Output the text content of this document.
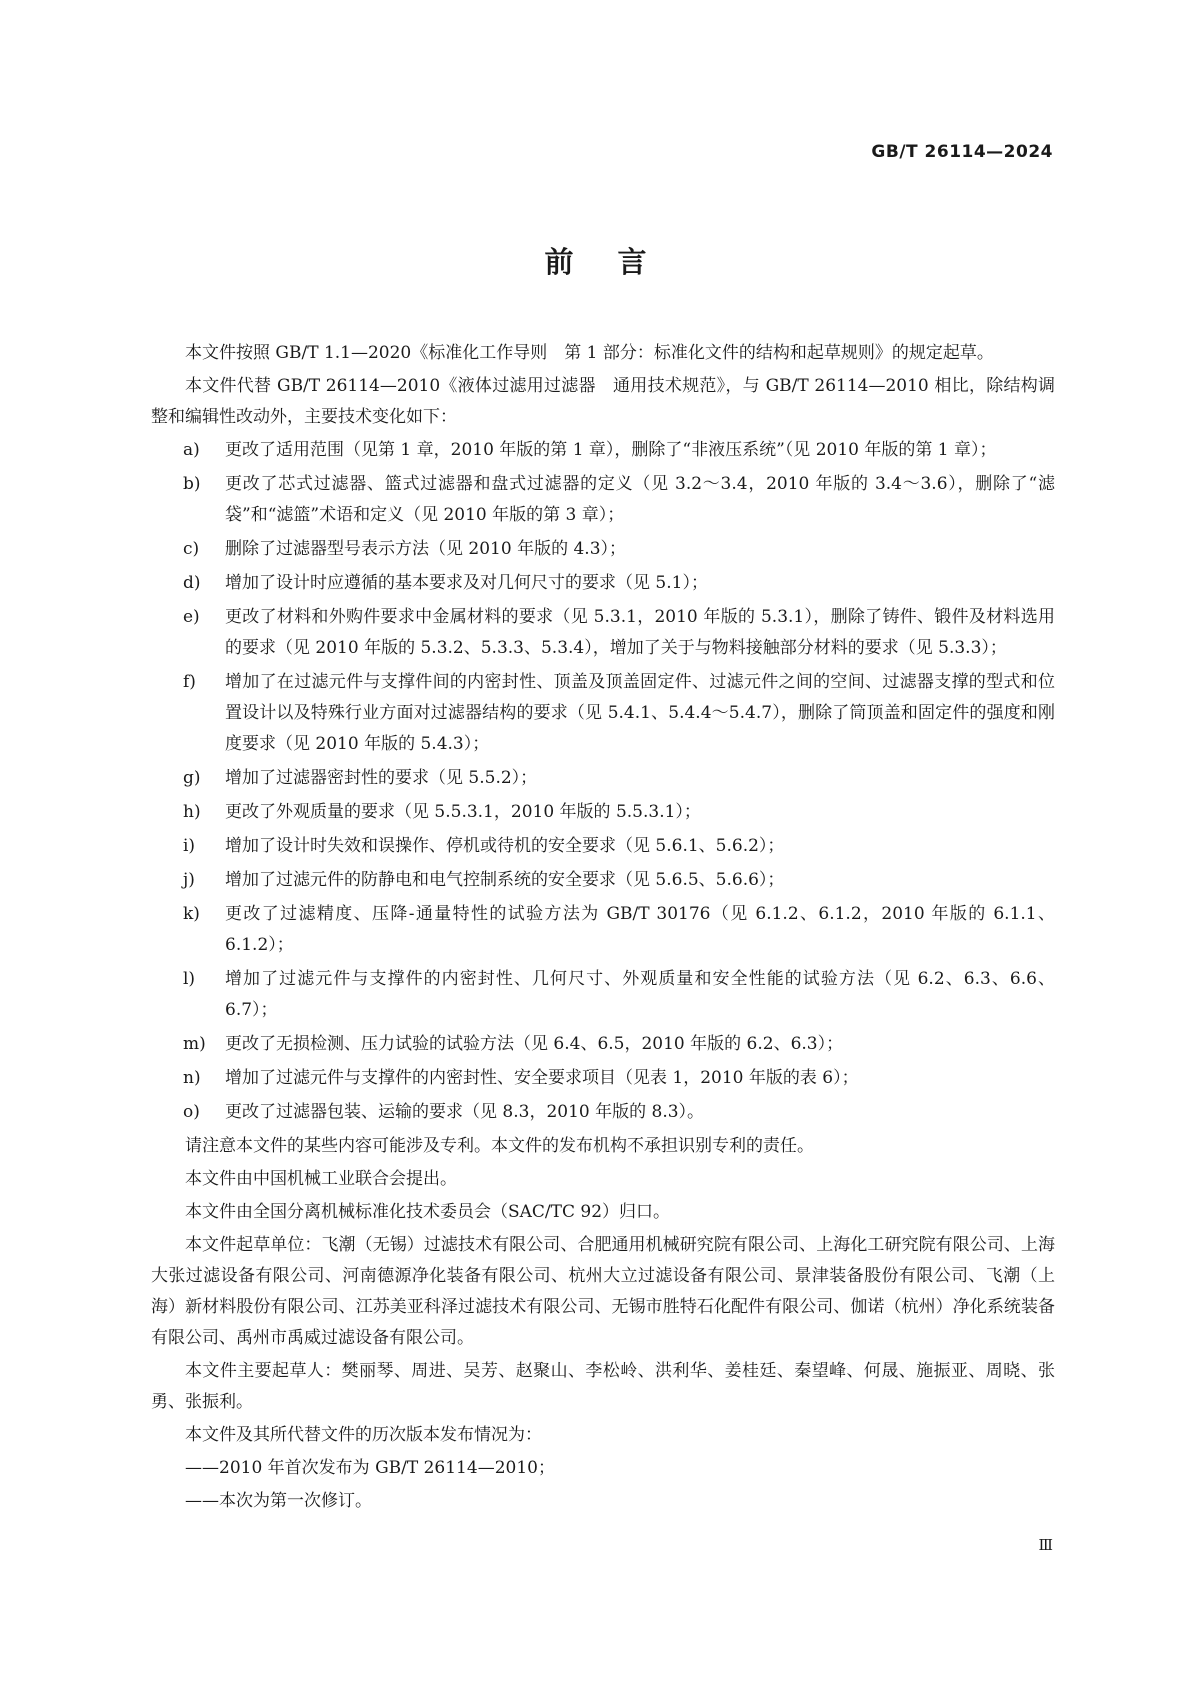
GB/T 26114—2024
前言

本文件按照 GB/T 1.1—2020《标准化工作导则　第 1 部分：标准化文件的结构和起草规则》的规定起草。

本文件代替 GB/T 26114—2010《液体过滤用过滤器　通用技术规范》，与 GB/T 26114—2010 相比，除结构调整和编辑性改动外，主要技术变化如下：

a)	更改了适用范围（见第 1 章，2010 年版的第 1 章），删除了“非液压系统”（见 2010 年版的第 1 章）；
b)	更改了芯式过滤器、篮式过滤器和盘式过滤器的定义（见 3.2～3.4，2010 年版的 3.4～3.6），删除了“滤袋”和“滤篮”术语和定义（见 2010 年版的第 3 章）；
c)	删除了过滤器型号表示方法（见 2010 年版的 4.3）；
d)	增加了设计时应遵循的基本要求及对几何尺寸的要求（见 5.1）；
e)	更改了材料和外购件要求中金属材料的要求（见 5.3.1，2010 年版的 5.3.1），删除了铸件、锻件及材料选用的要求（见 2010 年版的 5.3.2、5.3.3、5.3.4），增加了关于与物料接触部分材料的要求（见 5.3.3）；
f)	增加了在过滤元件与支撑件间的内密封性、顶盖及顶盖固定件、过滤元件之间的空间、过滤器支撑的型式和位置设计以及特殊行业方面对过滤器结构的要求（见 5.4.1、5.4.4～5.4.7），删除了筒顶盖和固定件的强度和刚度要求（见 2010 年版的 5.4.3）；
g)	增加了过滤器密封性的要求（见 5.5.2）；
h)	更改了外观质量的要求（见 5.5.3.1，2010 年版的 5.5.3.1）；
i)	增加了设计时失效和误操作、停机或待机的安全要求（见 5.6.1、5.6.2）；
j)	增加了过滤元件的防静电和电气控制系统的安全要求（见 5.6.5、5.6.6）；
k)	更改了过滤精度、压降-通量特性的试验方法为 GB/T 30176（见 6.1.2、6.1.2，2010 年版的 6.1.1、6.1.2）；
l)	增加了过滤元件与支撑件的内密封性、几何尺寸、外观质量和安全性能的试验方法（见 6.2、6.3、6.6、6.7）；
m)	更改了无损检测、压力试验的试验方法（见 6.4、6.5，2010 年版的 6.2、6.3）；
n)	增加了过滤元件与支撑件的内密封性、安全要求项目（见表 1，2010 年版的表 6）；
o)	更改了过滤器包装、运输的要求（见 8.3，2010 年版的 8.3）。

请注意本文件的某些内容可能涉及专利。本文件的发布机构不承担识别专利的责任。

本文件由中国机械工业联合会提出。

本文件由全国分离机械标准化技术委员会（SAC/TC 92）归口。

本文件起草单位：飞潮（无锡）过滤技术有限公司、合肥通用机械研究院有限公司、上海化工研究院有限公司、上海大张过滤设备有限公司、河南德源净化装备有限公司、杭州大立过滤设备有限公司、景津装备股份有限公司、飞潮（上海）新材料股份有限公司、江苏美亚科泽过滤技术有限公司、无锡市胜特石化配件有限公司、伽诺（杭州）净化系统装备有限公司、禹州市禹威过滤设备有限公司。

本文件主要起草人：樊丽琴、周进、吴芳、赵聚山、李松岭、洪利华、姜桂廷、秦望峰、何晟、施振亚、周晓、张勇、张振利。

本文件及其所代替文件的历次版本发布情况为：

——2010 年首次发布为 GB/T 26114—2010；
——本次为第一次修订。
Ⅲ
